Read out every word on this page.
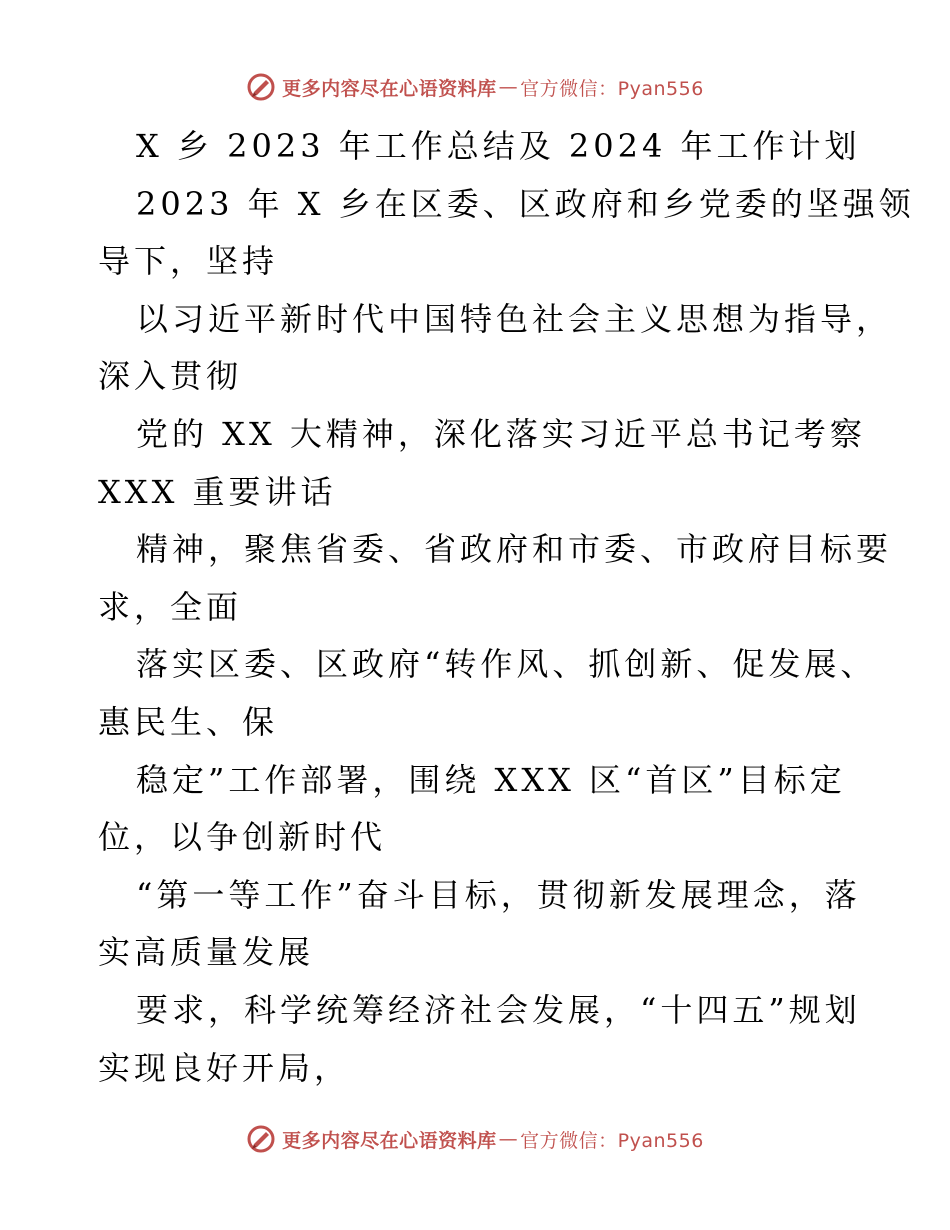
更多内容尽在心语资料库 — 官方微信：Pyan556
X 乡 2023 年工作总结及 2024 年工作计划
2023 年 X 乡在区委、区政府和乡党委的坚强领
导下，坚持
以习近平新时代中国特色社会主义思想为指导，
深入贯彻
党的 XX 大精神，深化落实习近平总书记考察
XXX 重要讲话
精神，聚焦省委、省政府和市委、市政府目标要
求，全面
落实区委、区政府“转作风、抓创新、促发展、
惠民生、保
稳定”工作部署，围绕 XXX 区“首区”目标定
位，以争创新时代
“第一等工作”奋斗目标，贯彻新发展理念，落
实高质量发展
要求，科学统筹经济社会发展，“十四五”规划
实现良好开局，
更多内容尽在心语资料库 — 官方微信：Pyan556
